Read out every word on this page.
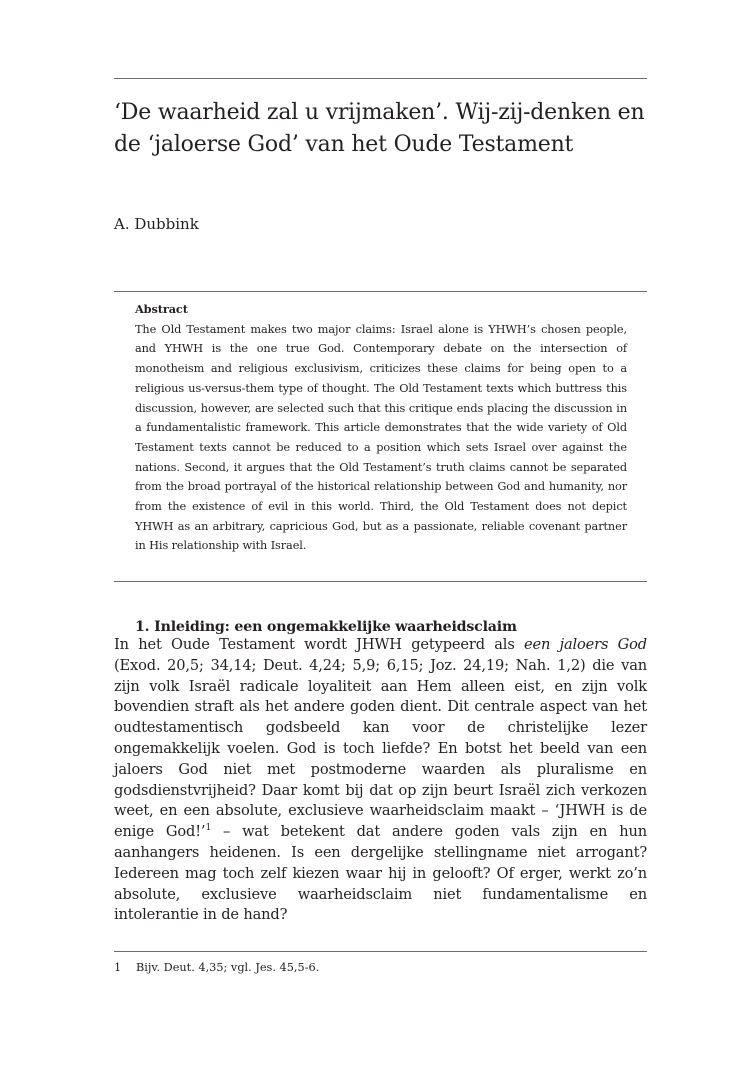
‘De waarheid zal u vrijmaken’. Wij-zij-denken en de ‘jaloerse God’ van het Oude Testament

A. Dubbink

Abstract

The Old Testament makes two major claims: Israel alone is YHWH’s chosen people, and YHWH is the one true God. Contemporary debate on the intersection of monotheism and religious exclusivism, criticizes these claims for being open to a religious us-versus-them type of thought. The Old Testament texts which buttress this discussion, however, are selected such that this critique ends placing the discussion in a fundamentalistic framework. This article demonstrates that the wide variety of Old Testament texts cannot be reduced to a position which sets Israel over against the nations. Second, it argues that the Old Testament’s truth claims cannot be separated from the broad portrayal of the historical relationship between God and humanity, nor from the existence of evil in this world. Third, the Old Testament does not depict YHWH as an arbitrary, capricious God, but as a passionate, reliable covenant partner in His relationship with Israel.

1. Inleiding: een ongemakkelijke waarheidsclaim

In het Oude Testament wordt JHWH getypeerd als een jaloers God (Exod. 20,5; 34,14; Deut. 4,24; 5,9; 6,15; Joz. 24,19; Nah. 1,2) die van zijn volk Israël radicale loyaliteit aan Hem alleen eist, en zijn volk bovendien straft als het andere goden dient. Dit centrale aspect van het oudtestamentisch godsbeeld kan voor de christelijke lezer ongemakkelijk voelen. God is toch liefde? En botst het beeld van een jaloers God niet met postmoderne waarden als pluralisme en godsdienstvrijheid? Daar komt bij dat op zijn beurt Israël zich verkozen weet, en een absolute, exclusieve waarheidsclaim maakt – ‘JHWH is de enige God!’$^1$ – wat betekent dat andere goden vals zijn en hun aanhangers heidenen. Is een dergelijke stellingname niet arrogant? Iedereen mag toch zelf kiezen waar hij in gelooft? Of erger, werkt zo’n absolute, exclusieve waarheidsclaim niet fundamentalisme en intolerantie in de hand?

1 Bijv. Deut. 4,35; vgl. Jes. 45,5-6.
